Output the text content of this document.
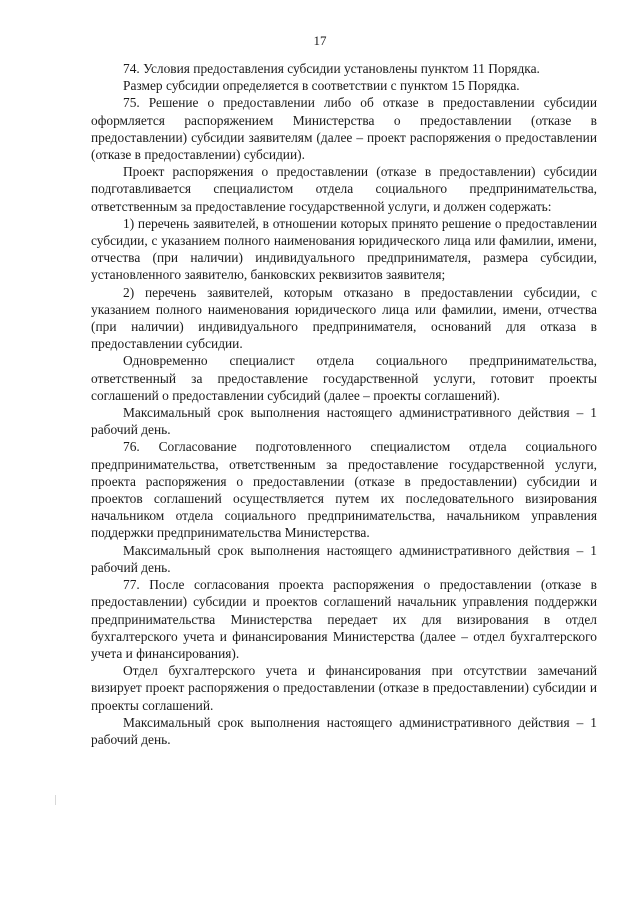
17

74. Условия предоставления субсидии установлены пунктом 11 Порядка.

Размер субсидии определяется в соответствии с пунктом 15 Порядка.

75. Решение о предоставлении либо об отказе в предоставлении субсидии оформляется распоряжением Министерства о предоставлении (отказе в предоставлении) субсидии заявителям (далее – проект распоряжения о предоставлении (отказе в предоставлении) субсидии).

Проект распоряжения о предоставлении (отказе в предоставлении) субсидии подготавливается специалистом отдела социального предпринимательства, ответственным за предоставление государственной услуги, и должен содержать:

1) перечень заявителей, в отношении которых принято решение о предоставлении субсидии, с указанием полного наименования юридического лица или фамилии, имени, отчества (при наличии) индивидуального предпринимателя, размера субсидии, установленного заявителю, банковских реквизитов заявителя;

2) перечень заявителей, которым отказано в предоставлении субсидии, с указанием полного наименования юридического лица или фамилии, имени, отчества (при наличии) индивидуального предпринимателя, оснований для отказа в предоставлении субсидии.

Одновременно специалист отдела социального предпринимательства, ответственный за предоставление государственной услуги, готовит проекты соглашений о предоставлении субсидий (далее – проекты соглашений).

Максимальный срок выполнения настоящего административного действия – 1 рабочий день.

76. Согласование подготовленного специалистом отдела социального предпринимательства, ответственным за предоставление государственной услуги, проекта распоряжения о предоставлении (отказе в предоставлении) субсидии и проектов соглашений осуществляется путем их последовательного визирования начальником отдела социального предпринимательства, начальником управления поддержки предпринимательства Министерства.

Максимальный срок выполнения настоящего административного действия – 1 рабочий день.

77. После согласования проекта распоряжения о предоставлении (отказе в предоставлении) субсидии и проектов соглашений начальник управления поддержки предпринимательства Министерства передает их для визирования в отдел бухгалтерского учета и финансирования Министерства (далее – отдел бухгалтерского учета и финансирования).

Отдел бухгалтерского учета и финансирования при отсутствии замечаний визирует проект распоряжения о предоставлении (отказе в предоставлении) субсидии и проекты соглашений.

Максимальный срок выполнения настоящего административного действия – 1 рабочий день.
